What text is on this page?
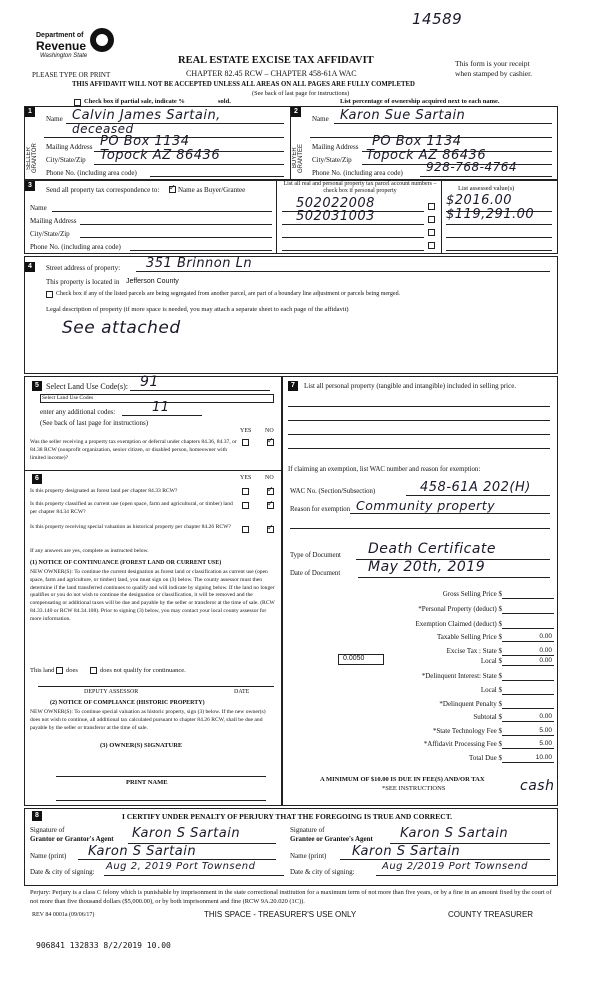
14589
Department of
Revenue
Washington State
PLEASE TYPE OR PRINT
REAL ESTATE EXCISE TAX AFFIDAVIT
CHAPTER 82.45 RCW – CHAPTER 458-61A WAC
This form is your receipt
when stamped by cashier.
THIS AFFIDAVIT WILL NOT BE ACCEPTED UNLESS ALL AREAS ON ALL PAGES ARE FULLY COMPLETED
(See back of last page for instructions)
Check box if partial sale, indicate %	sold.	List percentage of ownership acquired next to each name.
1	2
SELLER GRANTOR	BUYER GRANTEE
Name Calvin James Sartain,
deceased
Mailing Address PO Box 1134
City/State/Zip Topock AZ 86436
Phone No. (including area code)
Name Karon Sue Sartain
Mailing Address PO Box 1134
City/State/Zip Topock AZ 86436
Phone No. (including area code) 928-768-4764
3
Send all property tax correspondence to: ✓	Name as Buyer/Grantee
Name
Mailing Address
City/State/Zip
Phone No. (including area code)
List all real and personal property tax parcel account numbers – check box if personal property	List assessed value(s)
502022008	$2016.00
502031003	$119,291.00
4	Street address of property: 351 Brinnon Ln
This property is located in Jefferson County
Check box if any of the listed parcels are being segregated from another parcel, are part of a boundary line adjustment or parcels being merged.
Legal description of property (if more space is needed, you may attach a separate sheet to each page of the affidavit)
See attached
5 Select Land Use Code(s): 91
Select Land Use Codes
enter any additional codes:	11
(See back of last page for instructions)
YES NO
Was the seller receiving a property tax exemption or deferral under chapters 84.36, 84.37, or 84.38 RCW (nonprofit organization, senior citizen, or disabled person, homeowner with limited income)?
✓
6	YES NO
Is this property designated as forest land per chapter 84.33 RCW?
✓
Is this property classified as current use (open space, farm and agricultural, or timber) land per chapter 84.34 RCW?
✓
Is this property receiving special valuation as historical property per chapter 84.26 RCW?
✓
If any answers are yes, complete as instructed below.
(1) NOTICE OF CONTINUANCE (FOREST LAND OR CURRENT USE)
NEW OWNER(S): To continue the current designation as forest land or classification as current use (open space, farm and agriculture, or timber) land, you must sign on (3) below. The county assessor must then determine if the land transferred continues to qualify and will indicate by signing below. If the land no longer qualifies or you do not wish to continue the designation or classification, it will be removed and the compensating or additional taxes will be due and payable by the seller or transferor at the time of sale. (RCW 84.33.140 or RCW 84.34.108). Prior to signing (3) below, you may contact your local county assessor for more information.
This land does	does not qualify for continuance.
DEPUTY ASSESSOR	DATE
(2) NOTICE OF COMPLIANCE (HISTORIC PROPERTY)
NEW OWNER(S): To continue special valuation as historic property, sign (3) below. If the new owner(s) does not wish to continue, all additional tax calculated pursuant to chapter 84.26 RCW, shall be due and payable by the seller or transferor at the time of sale.
(3) OWNER(S) SIGNATURE
PRINT NAME
7	List all personal property (tangible and intangible) included in selling price.
If claiming an exemption, list WAC number and reason for exemption:
WAC No. (Section/Subsection)	458-61A 202(H)
Reason for exemption Community property
Type of Document Death Certificate
Date of Document May 20th, 2019
Gross Selling Price $
*Personal Property (deduct) $
Exemption Claimed (deduct) $
Taxable Selling Price $	0.00
Excise Tax : State $	0.00
Local $	0.00
*Delinquent Interest: State $
Local $
*Delinquent Penalty $
Subtotal $	0.00
*State Technology Fee $	5.00
*Affidavit Processing Fee $	5.00
Total Due $	10.00
0.0050
A MINIMUM OF $10.00 IS DUE IN FEE(S) AND/OR TAX
*SEE INSTRUCTIONS	cash
8	I CERTIFY UNDER PENALTY OF PERJURY THAT THE FOREGOING IS TRUE AND CORRECT.
Signature of
Grantor or Grantor's Agent Karon S Sartain
Name (print) Karon S Sartain
Date & city of signing: Aug 2, 2019 Port Townsend
Signature of
Grantee or Grantee's Agent Karon S Sartain
Name (print) Karon S Sartain
Date & city of signing:	Aug 2/2019 Port Townsend
Perjury: Perjury is a class C felony which is punishable by imprisonment in the state correctional institution for a maximum term of not more than five years, or by a fine in an amount fixed by the court of not more than five thousand dollars ($5,000.00), or by both imprisonment and fine (RCW 9A.20.020 (1C)).
REV 84 0001a (09/06/17)	THIS SPACE - TREASURER'S USE ONLY	COUNTY TREASURER
906841 132833 8/2/2019 10.00
